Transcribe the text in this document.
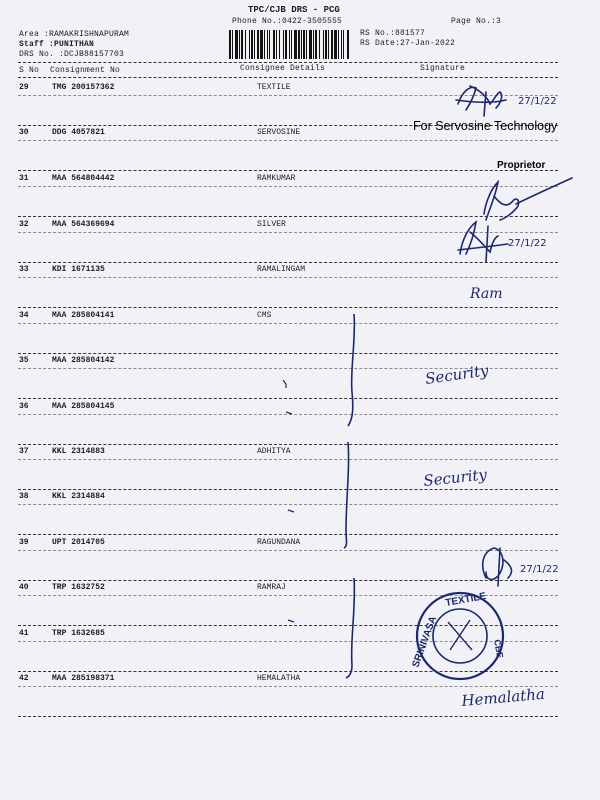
TPC/CJB DRS - PCG
Phone No.:0422-3505555	Page No.:3
Area :RAMAKRISHNAPURAM
Staff :PUNITHAN
DRS No. :DCJB88157703
RS No.:881577
RS Date:27-Jan-2022
S No Consignment No	Consignee Details	Signature
29	TMG 200157362	TEXTILE
30	DDG 4057821	SERVOSINE
31	MAA 564804442	RAMKUMAR
32	MAA 564369694	SILVER
33	KDI 1671135	RAMALINGAM
34	MAA 285804141	CMS
35	MAA 285804142
36	MAA 285804145
37	KKL 2314883	ADHITYA
38	KKL 2314884
39	UPT 2014705	RAGUNDANA
40	TRP 1632752	RAMRAJ
41	TRP 1632685
42	MAA 285198371	HEMALATHA
27/1/22
For Servosine Technology
Proprietor
27/1/22
Ram
Security
Security
27/1/22
TEXTILE
SRINIVASA	CBE
Hemalatha
